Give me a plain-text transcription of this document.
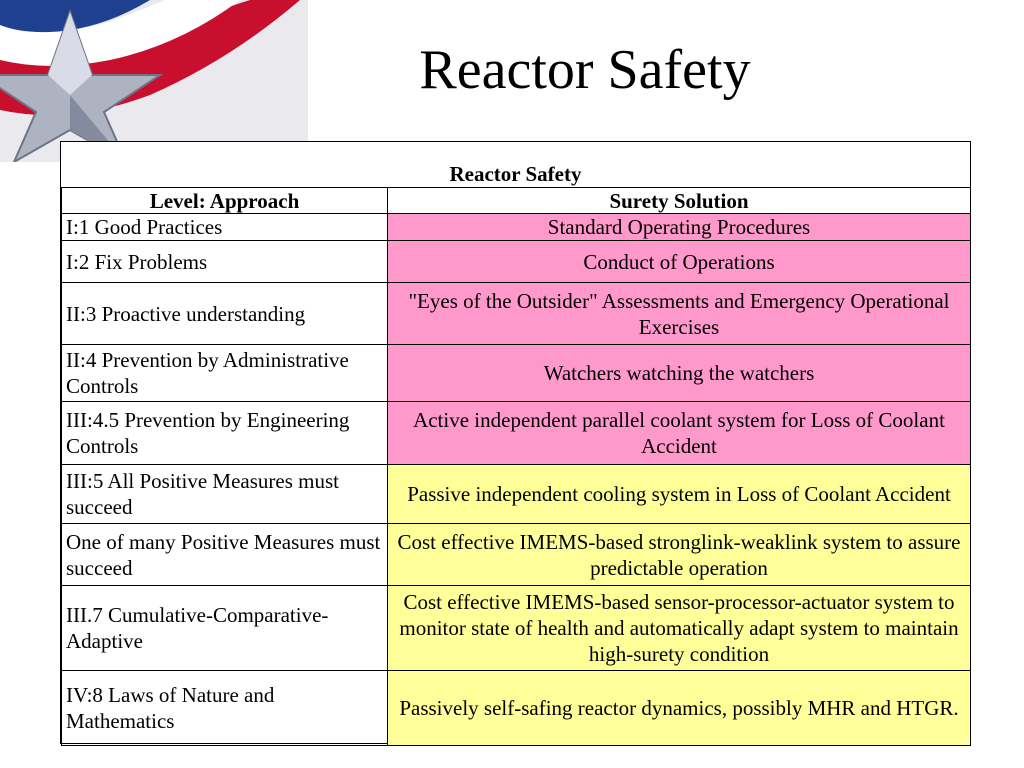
Reactor Safety
Reactor Safety
Level: Approach	Surety Solution
I:1 Good Practices	Standard Operating Procedures
I:2 Fix Problems	Conduct of Operations
II:3 Proactive understanding	"Eyes of the Outsider" Assessments and Emergency Operational Exercises
II:4 Prevention by Administrative Controls	Watchers watching the watchers
III:4.5 Prevention by Engineering Controls	Active independent parallel coolant system for Loss of Coolant Accident
III:5 All Positive Measures must succeed	Passive independent cooling system in Loss of Coolant Accident
One of many Positive Measures must succeed	Cost effective IMEMS-based stronglink-weaklink system to assure predictable operation
III.7 Cumulative-Comparative- Adaptive	Cost effective IMEMS-based sensor-processor-actuator system to monitor state of health and automatically adapt system to maintain high-surety condition
IV:8 Laws of Nature and Mathematics	Passively self-safing reactor dynamics, possibly MHR and HTGR.
